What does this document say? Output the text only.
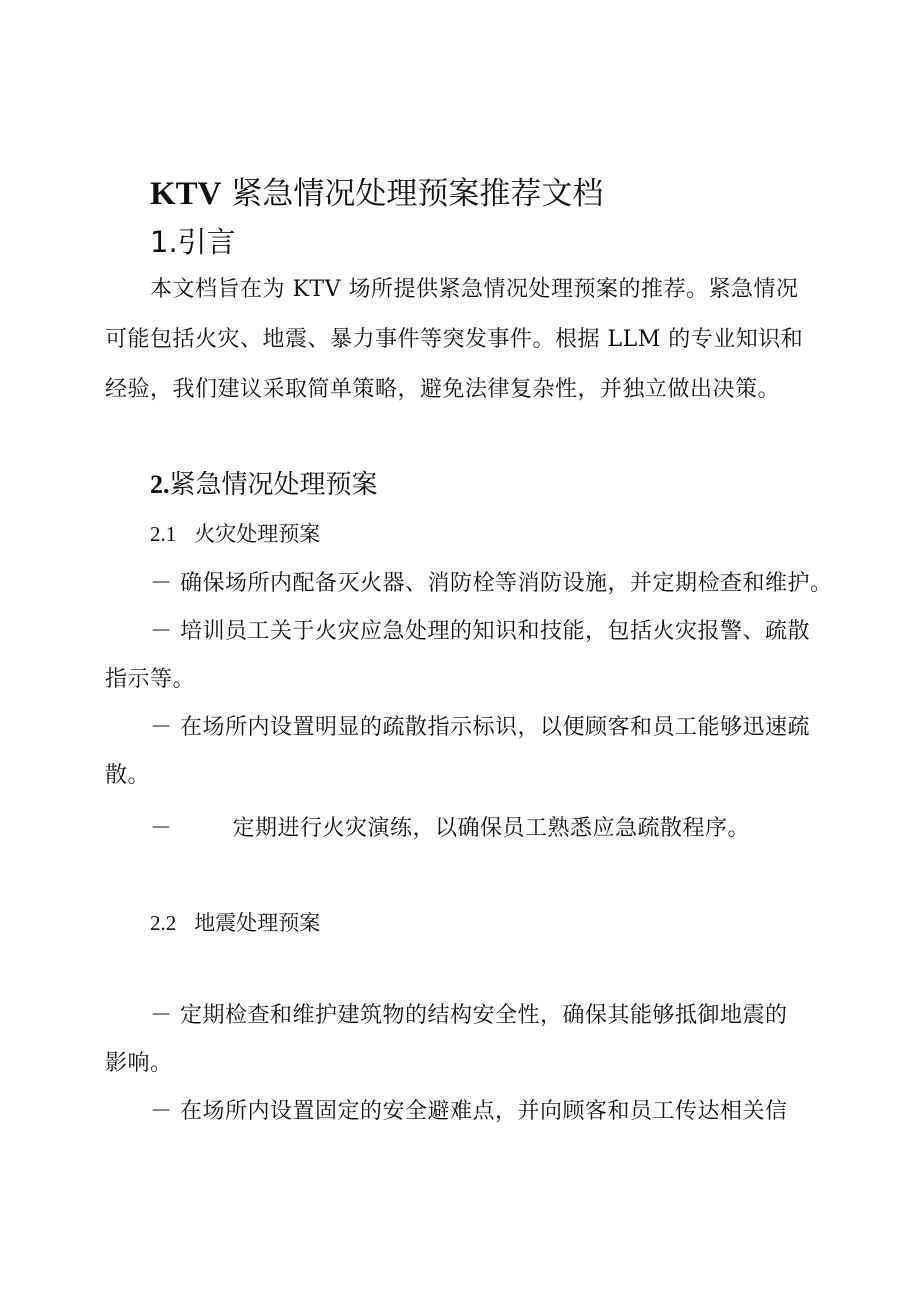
KTV 紧急情况处理预案推荐文档
1.引言
本文档旨在为 KTV 场所提供紧急情况处理预案的推荐。紧急情况
可能包括火灾、地震、暴力事件等突发事件。根据 LLM 的专业知识和
经验，我们建议采取简单策略，避免法律复杂性，并独立做出决策。
2.紧急情况处理预案
2.1 火灾处理预案
－ 确保场所内配备灭火器、消防栓等消防设施，并定期检查和维护。
－ 培训员工关于火灾应急处理的知识和技能，包括火灾报警、疏散
指示等。
－ 在场所内设置明显的疏散指示标识，以便顾客和员工能够迅速疏
散。
－        定期进行火灾演练，以确保员工熟悉应急疏散程序。
2.2 地震处理预案
－ 定期检查和维护建筑物的结构安全性，确保其能够抵御地震的
影响。
－ 在场所内设置固定的安全避难点，并向顾客和员工传达相关信
